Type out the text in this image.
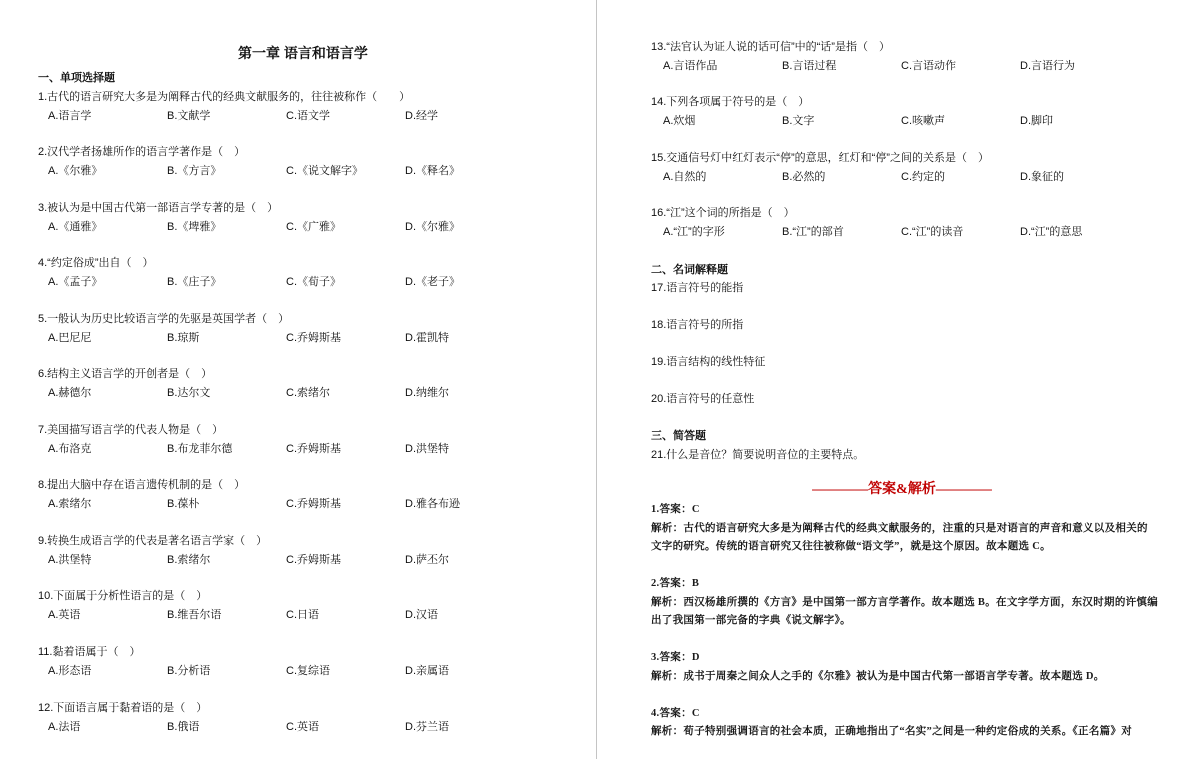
第一章 语言和语言学
一、单项选择题
1.古代的语言研究大多是为阐释古代的经典文献服务的，往往被称作（　　）
A.语言学	B.文献学	C.语文学	D.经学
2.汉代学者扬雄所作的语言学著作是（　）
A.《尔雅》	B.《方言》	C.《说文解字》	D.《释名》
3.被认为是中国古代第一部语言学专著的是（　）
A.《通雅》	B.《埤雅》	C.《广雅》	D.《尔雅》
4.“约定俗成”出自（　）
A.《孟子》	B.《庄子》	C.《荀子》	D.《老子》
5.一般认为历史比较语言学的先驱是英国学者（　）
A.巴尼尼	B.琼斯	C.乔姆斯基	D.霍凯特
6.结构主义语言学的开创者是（　）
A.赫德尔	B.达尔文	C.索绪尔	D.纳维尔
7.美国描写语言学的代表人物是（　）
A.布洛克	B.布龙菲尔德	C.乔姆斯基	D.洪堡特
8.提出大脑中存在语言遗传机制的是（　）
A.索绪尔	B.葆朴	C.乔姆斯基	D.雅各布逊
9.转换生成语言学的代表是著名语言学家（　）
A.洪堡特	B.索绪尔	C.乔姆斯基	D.萨丕尔
10.下面属于分析性语言的是（　）
A.英语	B.维吾尔语	C.日语	D.汉语
11.黏着语属于（　）
A.形态语	B.分析语	C.复综语	D.亲属语
12.下面语言属于黏着语的是（　）
A.法语	B.俄语	C.英语	D.芬兰语
13.“法官认为证人说的话可信”中的“话”是指（　）
A.言语作品	B.言语过程	C.言语动作	D.言语行为
14.下列各项属于符号的是（　）
A.炊烟	B.文字	C.咳嗽声	D.脚印
15.交通信号灯中红灯表示“停”的意思，红灯和“停”之间的关系是（　）
A.自然的	B.必然的	C.约定的	D.象征的
16.“江”这个词的所指是（　）
A.“江”的字形	B.“江”的部首	C.“江”的读音	D.“江”的意思
二、名词解释题
17.语言符号的能指
18.语言符号的所指
19.语言结构的线性特征
20.语言符号的任意性
三、简答题
21.什么是音位？简要说明音位的主要特点。
————答案&解析————
1.答案：C
解析：古代的语言研究大多是为阐释古代的经典文献服务的，注重的只是对语言的声音和意义以及相关的
文字的研究。传统的语言研究又往往被称做“语文学”，就是这个原因。故本题选 C。
2.答案：B
解析：西汉杨雄所撰的《方言》是中国第一部方言学著作。故本题选 B。在文字学方面，东汉时期的许慎编
出了我国第一部完备的字典《说文解字》。
3.答案：D
解析：成书于周秦之间众人之手的《尔雅》被认为是中国古代第一部语言学专著。故本题选 D。
4.答案：C
解析：荀子特别强调语言的社会本质，正确地指出了“名实”之间是一种约定俗成的关系。《正名篇》对
